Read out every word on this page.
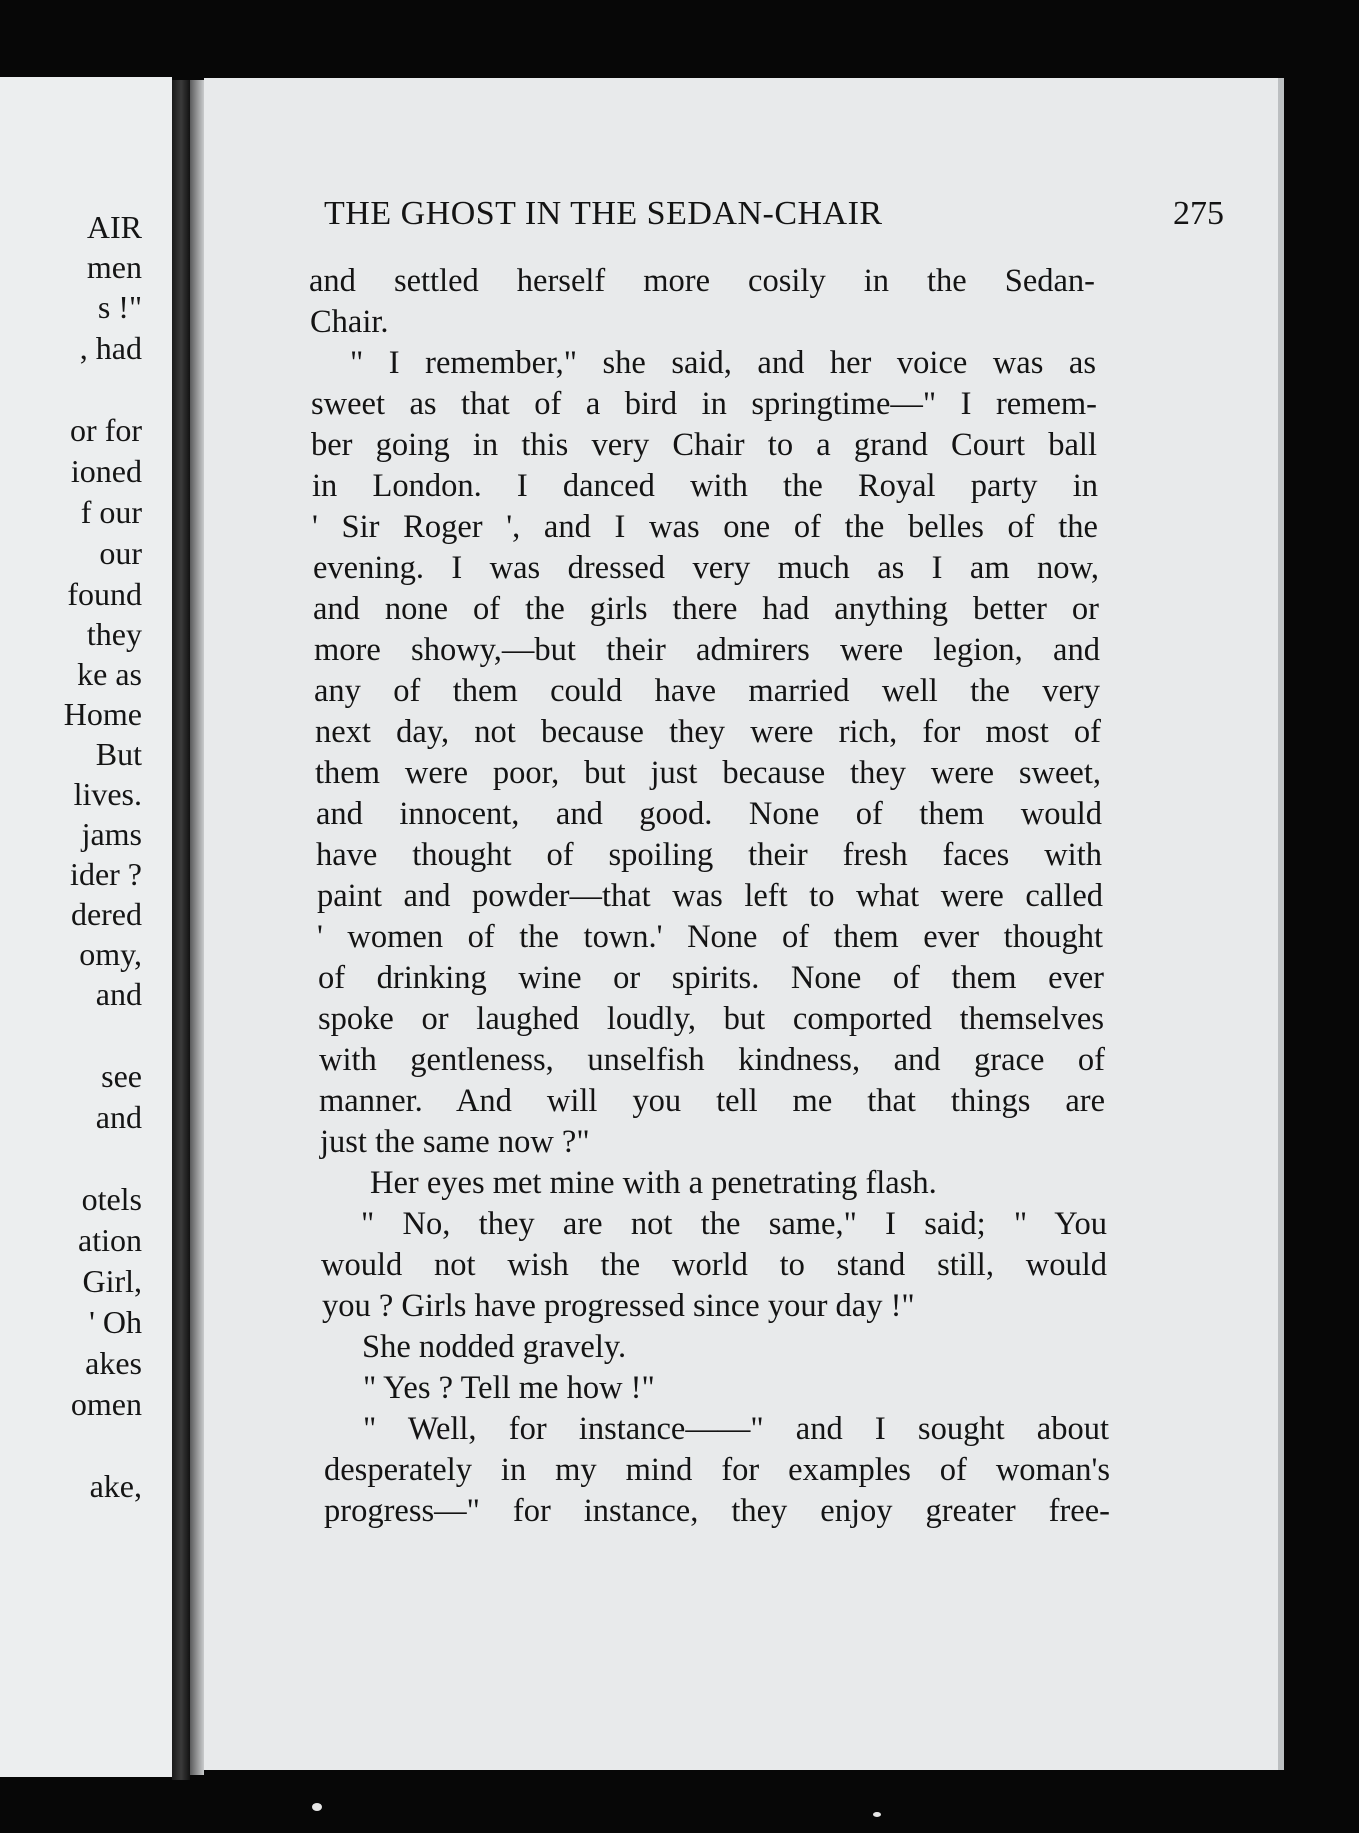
AIR
men
s !"
, had
or for
ioned
f our
our
found
they
ke as
Home
But
lives.
jams
ider ?
dered
omy,
and
see
and
otels
ation
Girl,
' Oh
akes
omen
ake,
THE GHOST IN THE SEDAN-CHAIR	275
and settled herself more cosily in the Sedan-
Chair.
" I remember," she said, and her voice was as
sweet as that of a bird in springtime—" I remem-
ber going in this very Chair to a grand Court ball
in London. I danced with the Royal party in
' Sir Roger ', and I was one of the belles of the
evening. I was dressed very much as I am now,
and none of the girls there had anything better or
more showy,—but their admirers were legion, and
any of them could have married well the very
next day, not because they were rich, for most of
them were poor, but just because they were sweet,
and innocent, and good. None of them would
have thought of spoiling their fresh faces with
paint and powder—that was left to what were called
' women of the town.' None of them ever thought
of drinking wine or spirits. None of them ever
spoke or laughed loudly, but comported themselves
with gentleness, unselfish kindness, and grace of
manner. And will you tell me that things are
just the same now ?"
Her eyes met mine with a penetrating flash.
" No, they are not the same," I said; " You
would not wish the world to stand still, would
you ? Girls have progressed since your day !"
She nodded gravely.
" Yes ? Tell me how !"
" Well, for instance——" and I sought about
desperately in my mind for examples of woman's
progress—" for instance, they enjoy greater free-
